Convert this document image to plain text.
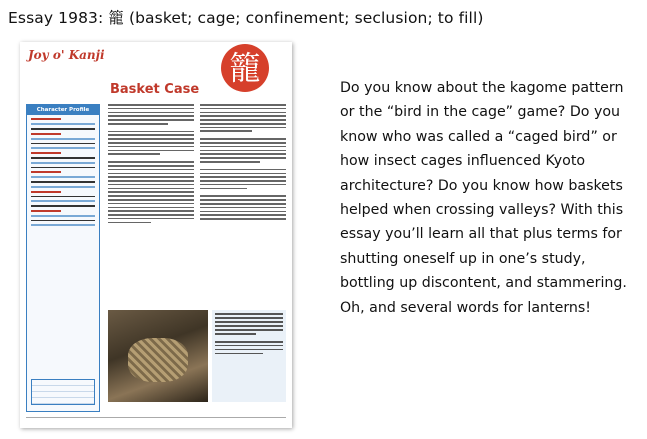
Essay 1983: 籠 (basket; cage; confinement; seclusion; to fill)
Joy o' Kanji	籠
Character Profile
Basket Case	Do you know about the kagome pattern or the “bird in the cage” game? Do you know who was called a “caged bird” or how insect cages influenced Kyoto architecture? Do you know how baskets helped when crossing valleys? With this essay you’ll learn all that plus terms for shutting oneself up in one’s study, bottling up discontent, and stammering. Oh, and several words for lanterns!
